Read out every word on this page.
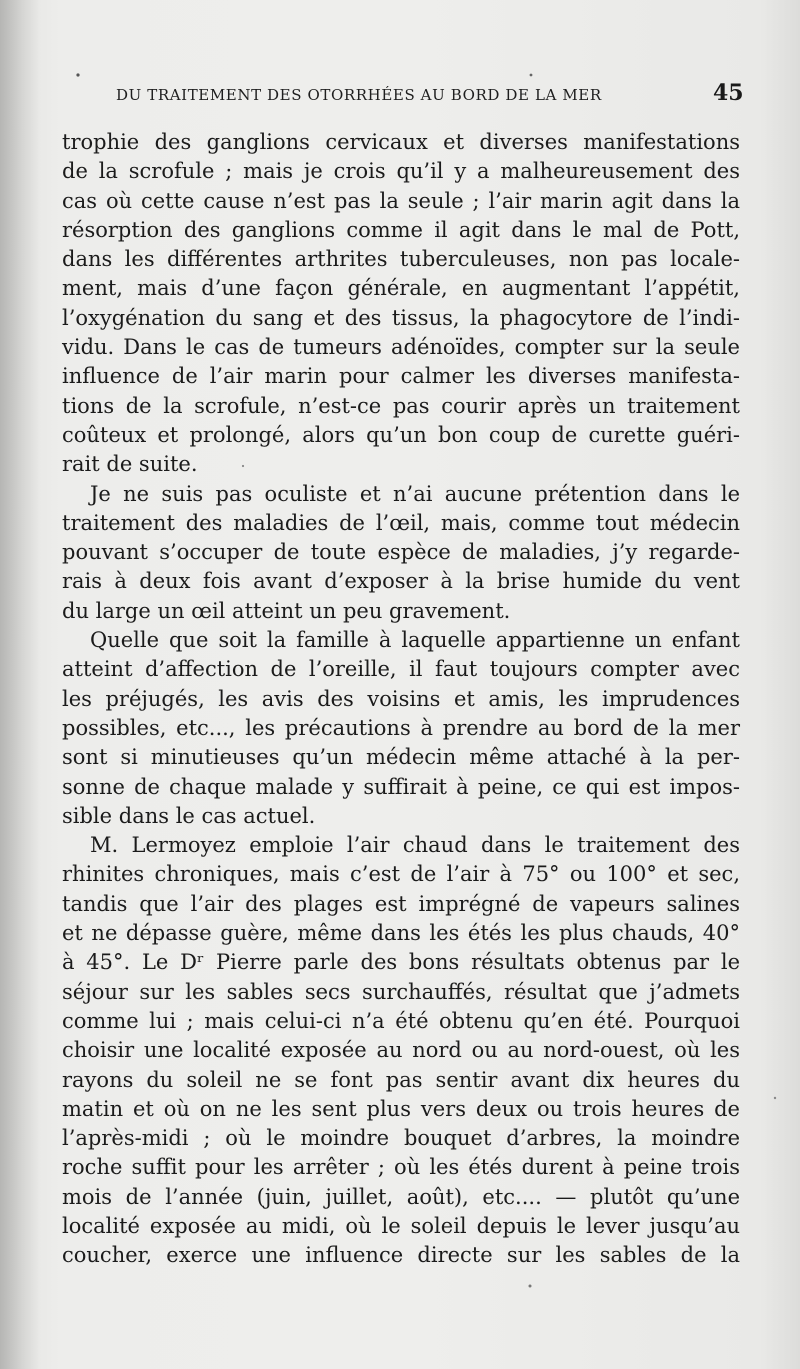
DU TRAITEMENT DES OTORRHÉES AU BORD DE LA MER	45
trophie des ganglions cervicaux et diverses manifestations
de la scrofule ; mais je crois qu’il y a malheureusement des
cas où cette cause n’est pas la seule ; l’air marin agit dans la
résorption des ganglions comme il agit dans le mal de Pott,
dans les différentes arthrites tuberculeuses, non pas locale-
ment, mais d’une façon générale, en augmentant l’appétit,
l’oxygénation du sang et des tissus, la phagocytore de l’indi-
vidu. Dans le cas de tumeurs adénoïdes, compter sur la seule
influence de l’air marin pour calmer les diverses manifesta-
tions de la scrofule, n’est-ce pas courir après un traitement
coûteux et prolongé, alors qu’un bon coup de curette guéri-
rait de suite.
Je ne suis pas oculiste et n’ai aucune prétention dans le
traitement des maladies de l’œil, mais, comme tout médecin
pouvant s’occuper de toute espèce de maladies, j’y regarde-
rais à deux fois avant d’exposer à la brise humide du vent
du large un œil atteint un peu gravement.
Quelle que soit la famille à laquelle appartienne un enfant
atteint d’affection de l’oreille, il faut toujours compter avec
les préjugés, les avis des voisins et amis, les imprudences
possibles, etc..., les précautions à prendre au bord de la mer
sont si minutieuses qu’un médecin même attaché à la per-
sonne de chaque malade y suffirait à peine, ce qui est impos-
sible dans le cas actuel.
M. Lermoyez emploie l’air chaud dans le traitement des
rhinites chroniques, mais c’est de l’air à 75° ou 100° et sec,
tandis que l’air des plages est imprégné de vapeurs salines
et ne dépasse guère, même dans les étés les plus chauds, 40°
à 45°. Le Dʳ Pierre parle des bons résultats obtenus par le
séjour sur les sables secs surchauffés, résultat que j’admets
comme lui ; mais celui-ci n’a été obtenu qu’en été. Pourquoi
choisir une localité exposée au nord ou au nord-ouest, où les
rayons du soleil ne se font pas sentir avant dix heures du
matin et où on ne les sent plus vers deux ou trois heures de
l’après-midi ; où le moindre bouquet d’arbres, la moindre
roche suffit pour les arrêter ; où les étés durent à peine trois
mois de l’année (juin, juillet, août), etc.... — plutôt qu’une
localité exposée au midi, où le soleil depuis le lever jusqu’au
coucher, exerce une influence directe sur les sables de la
